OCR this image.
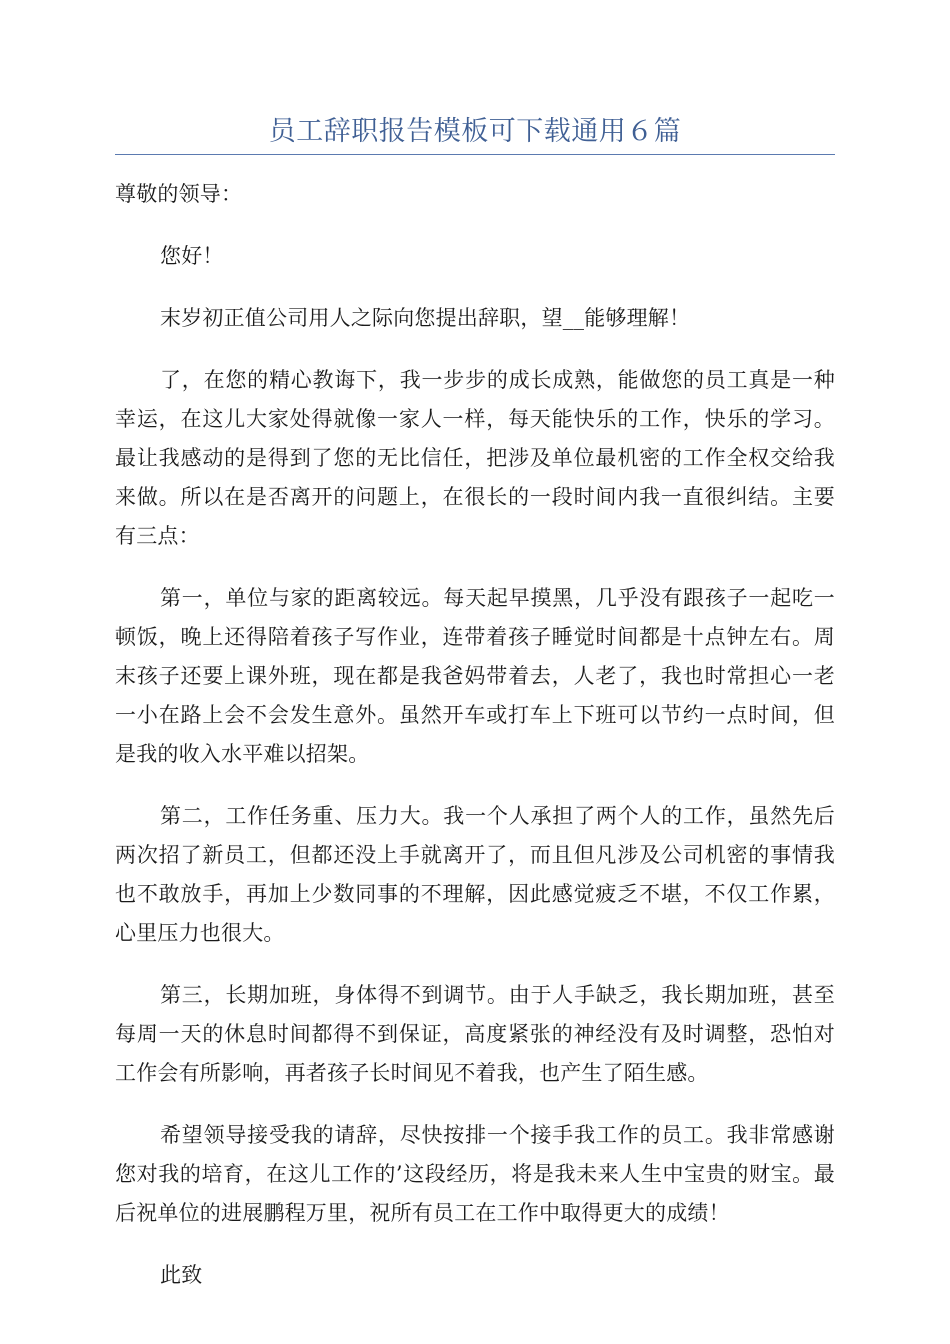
员工辞职报告模板可下载通用６篇

尊敬的领导：

您好！

末岁初正值公司用人之际向您提出辞职，望__能够理解！

了，在您的精心教诲下，我一步步的成长成熟，能做您的员工真是一种幸运，在这儿大家处得就像一家人一样，每天能快乐的工作，快乐的学习。最让我感动的是得到了您的无比信任，把涉及单位最机密的工作全权交给我来做。所以在是否离开的问题上，在很长的一段时间内我一直很纠结。主要有三点：

第一，单位与家的距离较远。每天起早摸黑，几乎没有跟孩子一起吃一顿饭，晚上还得陪着孩子写作业，连带着孩子睡觉时间都是十点钟左右。周末孩子还要上课外班，现在都是我爸妈带着去，人老了，我也时常担心一老一小在路上会不会发生意外。虽然开车或打车上下班可以节约一点时间，但是我的收入水平难以招架。

第二，工作任务重、压力大。我一个人承担了两个人的工作，虽然先后两次招了新员工，但都还没上手就离开了，而且但凡涉及公司机密的事情我也不敢放手，再加上少数同事的不理解，因此感觉疲乏不堪，不仅工作累，心里压力也很大。

第三，长期加班，身体得不到调节。由于人手缺乏，我长期加班，甚至每周一天的休息时间都得不到保证，高度紧张的神经没有及时调整，恐怕对工作会有所影响，再者孩子长时间见不着我，也产生了陌生感。

希望领导接受我的请辞，尽快按排一个接手我工作的员工。我非常感谢您对我的培育，在这儿工作的’这段经历，将是我未来人生中宝贵的财宝。最后祝单位的进展鹏程万里，祝所有员工在工作中取得更大的成绩！

此致
